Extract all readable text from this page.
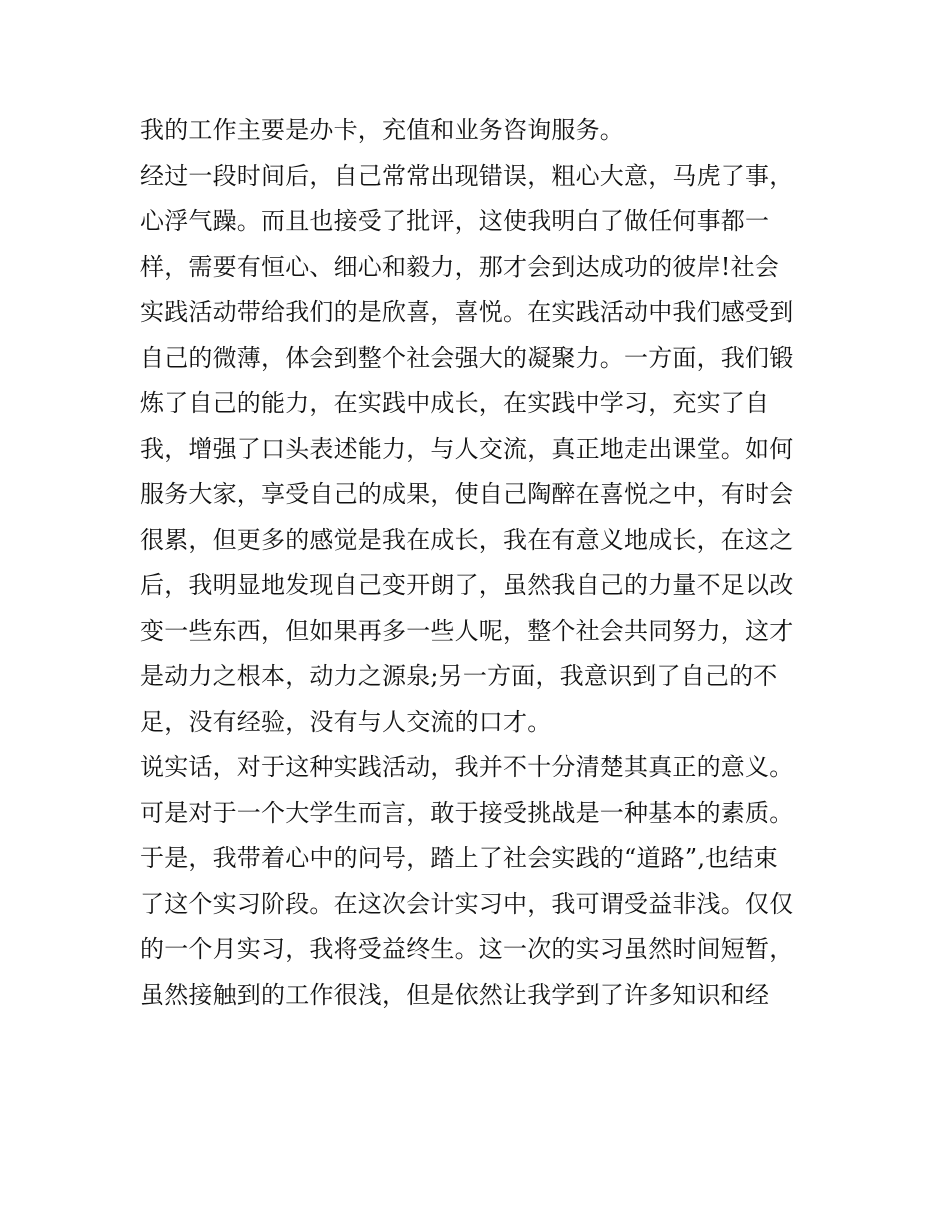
我的工作主要是办卡，充值和业务咨询服务。
经过一段时间后，自己常常出现错误，粗心大意，马虎了事，
心浮气躁。而且也接受了批评，这使我明白了做任何事都一
样，需要有恒心、细心和毅力，那才会到达成功的彼岸!社会
实践活动带给我们的是欣喜，喜悦。在实践活动中我们感受到
自己的微薄，体会到整个社会强大的凝聚力。一方面，我们锻
炼了自己的能力，在实践中成长，在实践中学习，充实了自
我，增强了口头表述能力，与人交流，真正地走出课堂。如何
服务大家，享受自己的成果，使自己陶醉在喜悦之中，有时会
很累，但更多的感觉是我在成长，我在有意义地成长，在这之
后，我明显地发现自己变开朗了，虽然我自己的力量不足以改
变一些东西，但如果再多一些人呢，整个社会共同努力，这才
是动力之根本，动力之源泉;另一方面，我意识到了自己的不
足，没有经验，没有与人交流的口才。
说实话，对于这种实践活动，我并不十分清楚其真正的意义。
可是对于一个大学生而言，敢于接受挑战是一种基本的素质。
于是，我带着心中的问号，踏上了社会实践的“道路”,也结束
了这个实习阶段。在这次会计实习中，我可谓受益非浅。仅仅
的一个月实习，我将受益终生。这一次的实习虽然时间短暂，
虽然接触到的工作很浅，但是依然让我学到了许多知识和经
